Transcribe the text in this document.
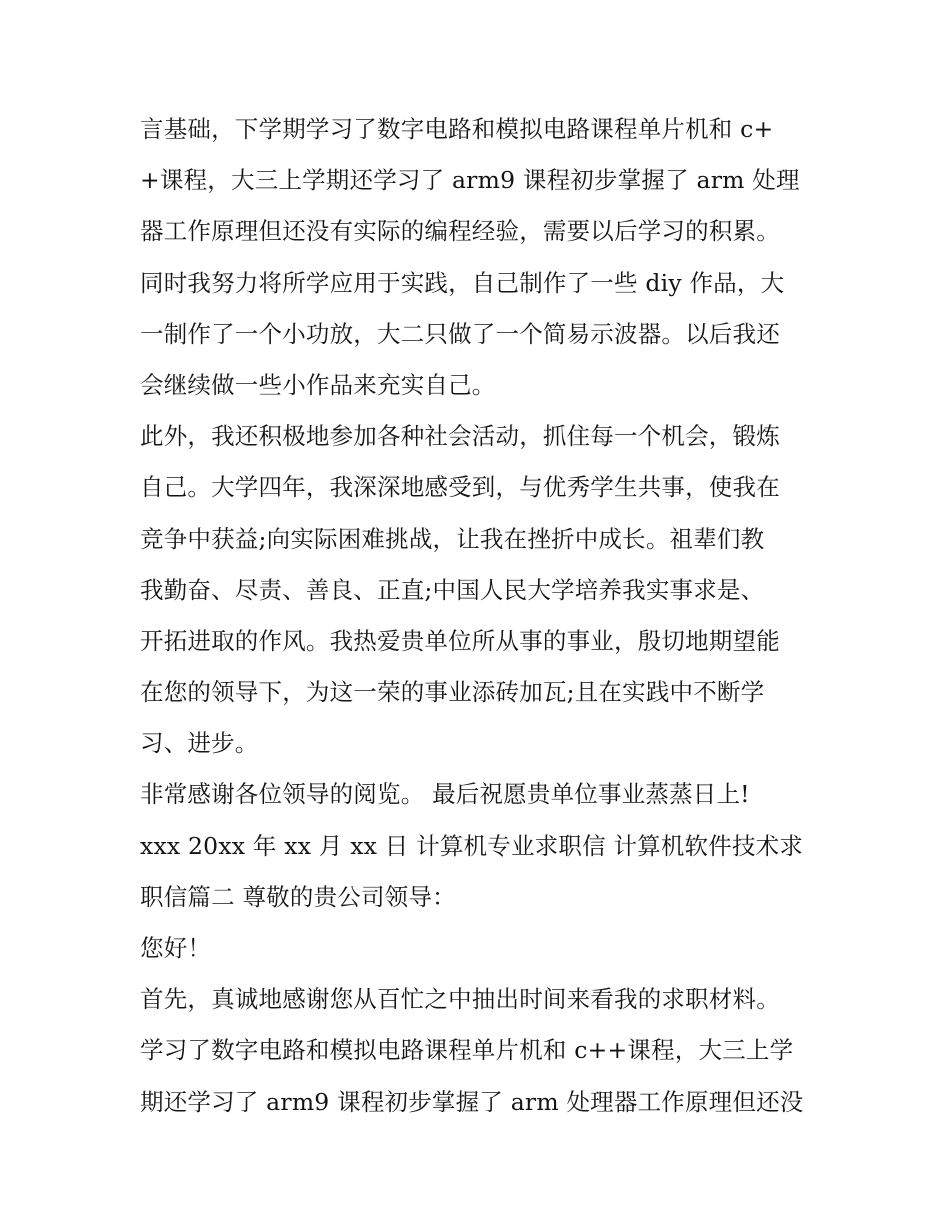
言基础，下学期学习了数字电路和模拟电路课程单片机和 c+
+课程，大三上学期还学习了 arm9 课程初步掌握了 arm 处理
器工作原理但还没有实际的编程经验，需要以后学习的积累。
同时我努力将所学应用于实践，自己制作了一些 diy 作品，大
一制作了一个小功放，大二只做了一个简易示波器。以后我还
会继续做一些小作品来充实自己。
此外，我还积极地参加各种社会活动，抓住每一个机会，锻炼
自己。大学四年，我深深地感受到，与优秀学生共事，使我在
竞争中获益;向实际困难挑战，让我在挫折中成长。祖辈们教
我勤奋、尽责、善良、正直;中国人民大学培养我实事求是、
开拓进取的作风。我热爱贵单位所从事的事业，殷切地期望能
在您的领导下，为这一荣的事业添砖加瓦;且在实践中不断学
习、进步。
非常感谢各位领导的阅览。 最后祝愿贵单位事业蒸蒸日上!
xxx 20xx 年 xx 月 xx 日 计算机专业求职信 计算机软件技术求
职信篇二 尊敬的贵公司领导：
您好！
首先，真诚地感谢您从百忙之中抽出时间来看我的求职材料。
学习了数字电路和模拟电路课程单片机和 c++课程，大三上学
期还学习了 arm9 课程初步掌握了 arm 处理器工作原理但还没
